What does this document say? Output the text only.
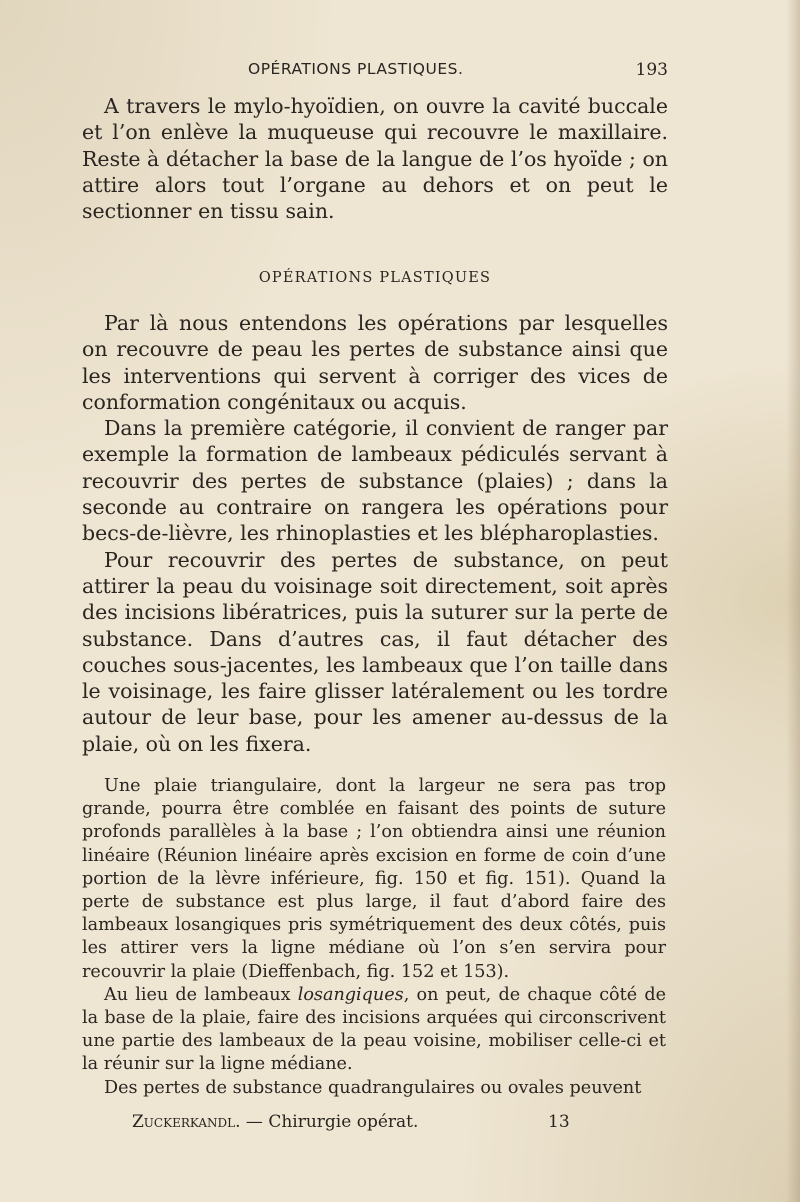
OPÉRATIONS PLASTIQUES.	193

A travers le mylo-hyoïdien, on ouvre la cavité buccale et l’on enlève la muqueuse qui recouvre le maxillaire. Reste à détacher la base de la langue de l’os hyoïde ; on attire alors tout l’organe au dehors et on peut le sectionner en tissu sain.

OPÉRATIONS PLASTIQUES

Par là nous entendons les opérations par lesquelles on recouvre de peau les pertes de substance ainsi que les interventions qui servent à corriger des vices de conformation congénitaux ou acquis.

Dans la première catégorie, il convient de ranger par exemple la formation de lambeaux pédiculés servant à recouvrir des pertes de substance (plaies) ; dans la seconde au contraire on rangera les opérations pour becs-de-lièvre, les rhinoplasties et les blépharoplasties.

Pour recouvrir des pertes de substance, on peut attirer la peau du voisinage soit directement, soit après des incisions libératrices, puis la suturer sur la perte de substance. Dans d’autres cas, il faut détacher des couches sous-jacentes, les lambeaux que l’on taille dans le voisinage, les faire glisser latéralement ou les tordre autour de leur base, pour les amener au-dessus de la plaie, où on les fixera.

Une plaie triangulaire, dont la largeur ne sera pas trop grande, pourra être comblée en faisant des points de suture profonds parallèles à la base ; l’on obtiendra ainsi une réunion linéaire (Réunion linéaire après excision en forme de coin d’une portion de la lèvre inférieure, fig. 150 et fig. 151). Quand la perte de substance est plus large, il faut d’abord faire des lambeaux losangiques pris symétriquement des deux côtés, puis les attirer vers la ligne médiane où l’on s’en servira pour recouvrir la plaie (Dieffenbach, fig. 152 et 153).

Au lieu de lambeaux losangiques, on peut, de chaque côté de la base de la plaie, faire des incisions arquées qui circonscrivent une partie des lambeaux de la peau voisine, mobiliser celle-ci et la réunir sur la ligne médiane.

Des pertes de substance quadrangulaires ou ovales peuvent

Zuckerkandl. — Chirurgie opérat.	13
